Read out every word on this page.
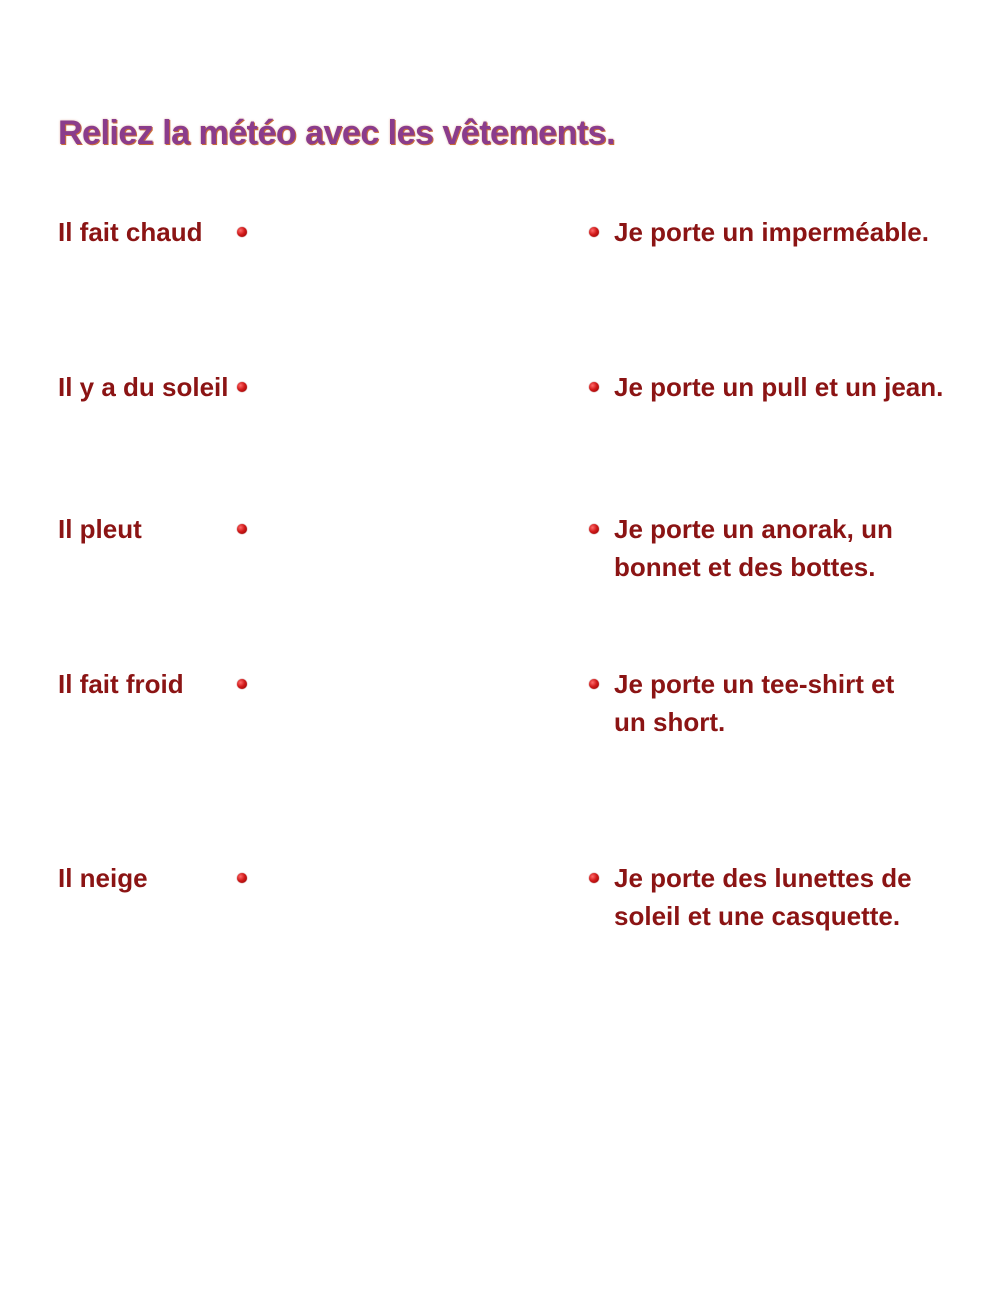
Reliez la météo avec les vêtements.
Il fait chaud
Il y a du soleil
Il pleut
Il fait froid
Il neige
Je porte un imperméable.
Je porte un pull et un jean.
Je porte un anorak, un bonnet et des bottes.
Je porte un tee-shirt et un short.
Je porte des lunettes de soleil et une casquette.
